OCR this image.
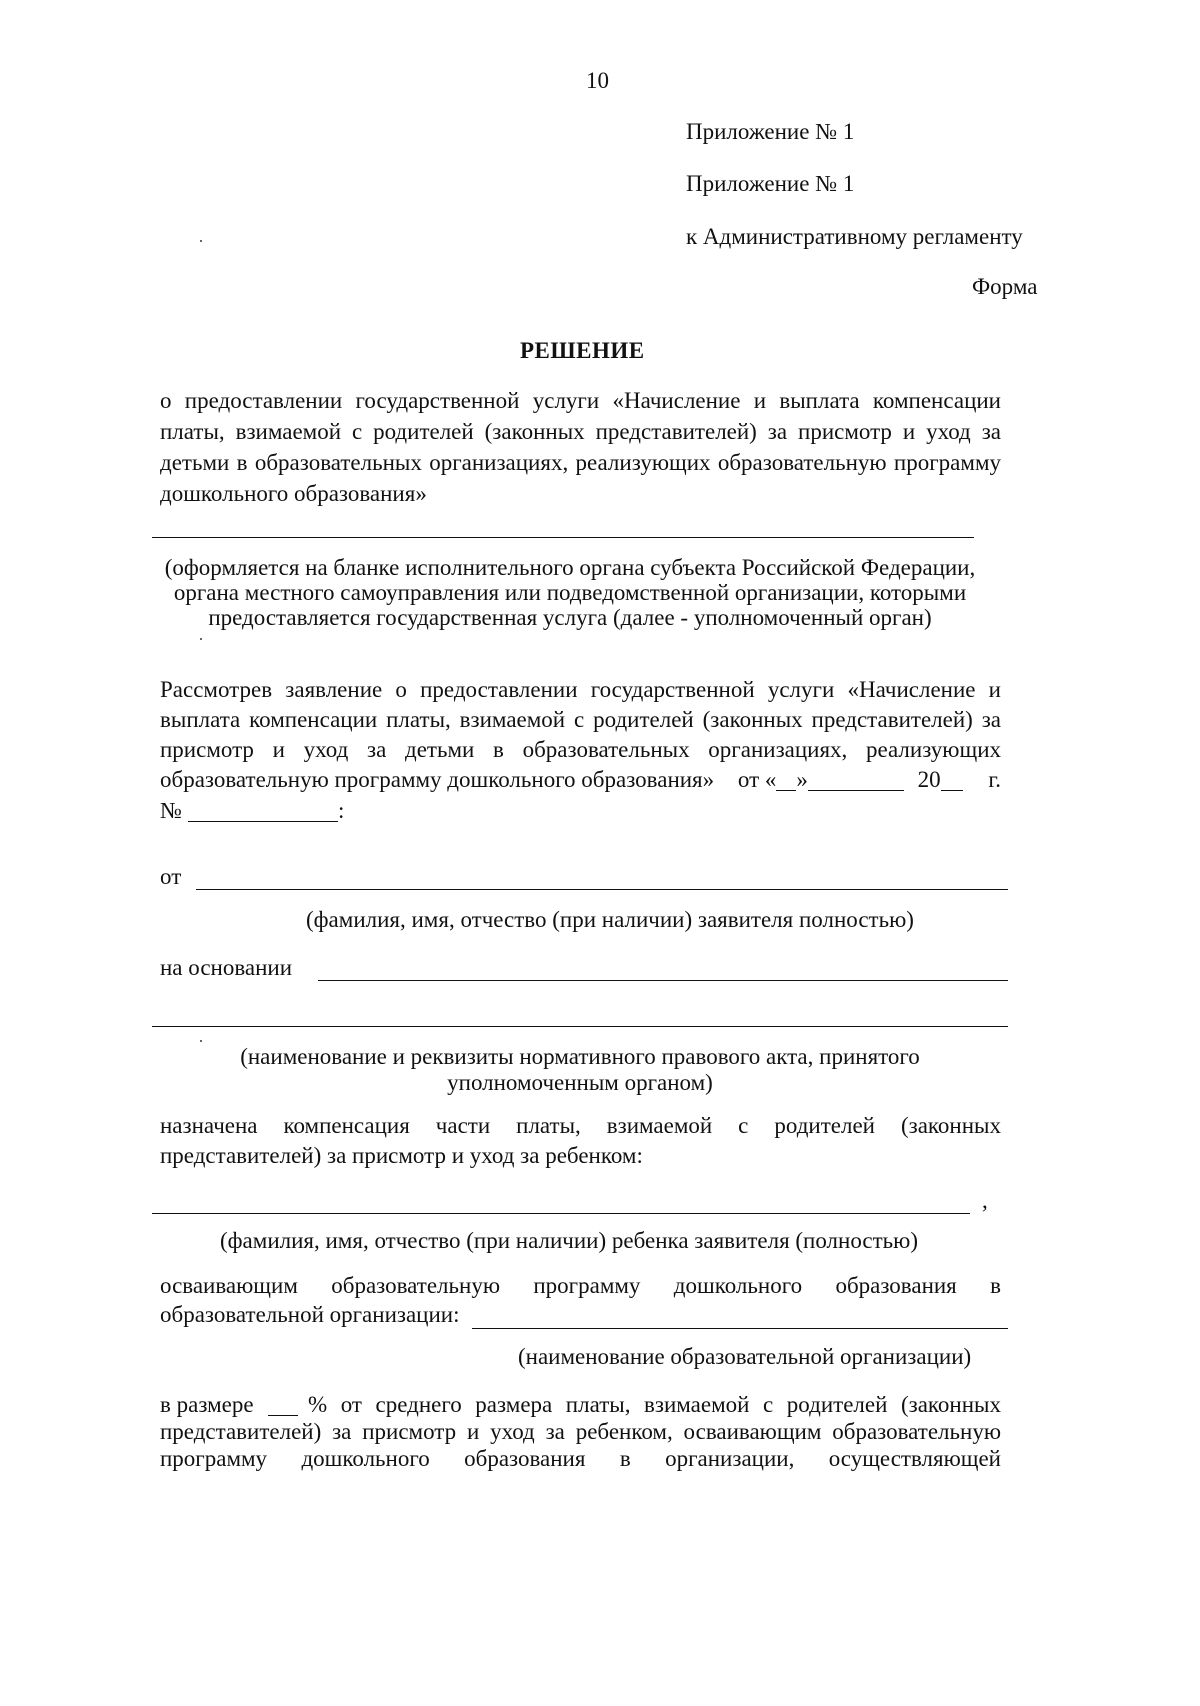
10
Приложение № 1
Приложение № 1
к Административному регламенту
Форма
РЕШЕНИЕ
о предоставлении государственной услуги «Начисление и выплата компенсации
платы, взимаемой с родителей (законных представителей) за присмотр и уход за
детьми в образовательных организациях, реализующих образовательную программу
дошкольного образования»
(оформляется на бланке исполнительного органа субъекта Российской Федерации,
органа местного самоуправления или подведомственной организации, которыми
предоставляется государственная услуга (далее - уполномоченный орган)
Рассмотрев заявление о предоставлении государственной услуги «Начисление и
выплата компенсации платы, взимаемой с родителей (законных представителей) за
присмотр и уход за детьми в образовательных организациях, реализующих
образовательную программу дошкольного образования» от « »	20 г.
№	:
от
(фамилия, имя, отчество (при наличии) заявителя полностью)
на основании
(наименование и реквизиты нормативного правового акта, принятого
уполномоченным органом)
назначена компенсация части платы, взимаемой с родителей (законных
представителей) за присмотр и уход за ребенком:
,
(фамилия, имя, отчество (при наличии) ребенка заявителя (полностью)
осваивающим образовательную программу дошкольного образования в
образовательной организации:
(наименование образовательной организации)
в размере % от среднего размера платы, взимаемой с родителей (законных
представителей) за присмотр и уход за ребенком, осваивающим образовательную
программу дошкольного образования в организации, осуществляющей
